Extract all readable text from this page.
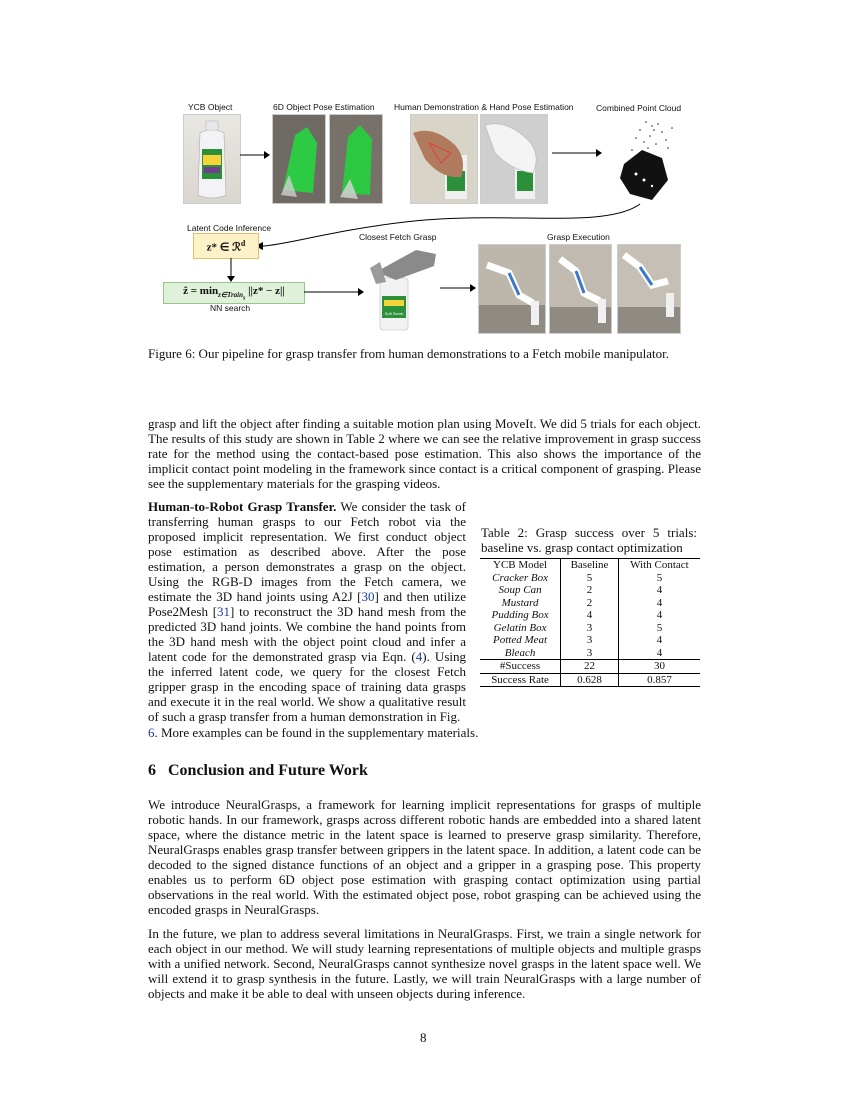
YCB Object	6D Object Pose Estimation Human Demonstration & Hand Pose Estimation	Combined Point Cloud
Latent Code Inference
z* ∈ ℛ$^d$
ẑ = $\min_{z\in Train_s} ||z* - z||$
NN search
Closest Fetch Grasp
Soft Scrub
Grasp Execution
Figure 6: Our pipeline for grasp transfer from human demonstrations to a Fetch mobile manipulator.

grasp and lift the object after finding a suitable motion plan using MoveIt. We did 5 trials for each object. The results of this study are shown in Table 2 where we can see the relative improvement in grasp success rate for the method using the contact-based pose estimation. This also shows the importance of the implicit contact point modeling in the framework since contact is a critical component of grasping. Please see the supplementary materials for the grasping videos.

Human-to-Robot Grasp Transfer. We consider the task of transferring human grasps to our Fetch robot via the proposed implicit representation. We first conduct object pose estimation as described above. After the pose estimation, a person demonstrates a grasp on the object. Using the RGB-D images from the Fetch camera, we estimate the 3D hand joints using A2J [30] and then utilize Pose2Mesh [31] to reconstruct the 3D hand mesh from the predicted 3D hand joints. We combine the hand points from the 3D hand mesh with the object point cloud and infer a latent code for the demonstrated grasp via Eqn. (4). Using the inferred latent code, we query for the closest Fetch gripper grasp in the encoding space of training data grasps and execute it in the real world. We show a qualitative result of such a grasp transfer from a human demonstration in Fig.

6. More examples can be found in the supplementary materials.

Table 2: Grasp success over 5 trials: baseline vs. grasp contact optimization

YCB Model	Baseline	With Contact
Cracker Box	5	5
Soup Can	2	4
Mustard	2	4
Pudding Box	4	4
Gelatin Box	3	5
Potted Meat	3	4
Bleach	3	4
#Success	22	30
Success Rate	0.628	0.857
6   Conclusion and Future Work

We introduce NeuralGrasps, a framework for learning implicit representations for grasps of multiple robotic hands. In our framework, grasps across different robotic hands are embedded into a shared latent space, where the distance metric in the latent space is learned to preserve grasp similarity. Therefore, NeuralGrasps enables grasp transfer between grippers in the latent space. In addition, a latent code can be decoded to the signed distance functions of an object and a gripper in a grasping pose. This property enables us to perform 6D object pose estimation with grasping contact optimization using partial observations in the real world. With the estimated object pose, robot grasping can be achieved using the encoded grasps in NeuralGrasps.

In the future, we plan to address several limitations in NeuralGrasps. First, we train a single network for each object in our method. We will study learning representations of multiple objects and multiple grasps with a unified network. Second, NeuralGrasps cannot synthesize novel grasps in the latent space well. We will extend it to grasp synthesis in the future. Lastly, we will train NeuralGrasps with a large number of objects and make it be able to deal with unseen objects during inference.

8
